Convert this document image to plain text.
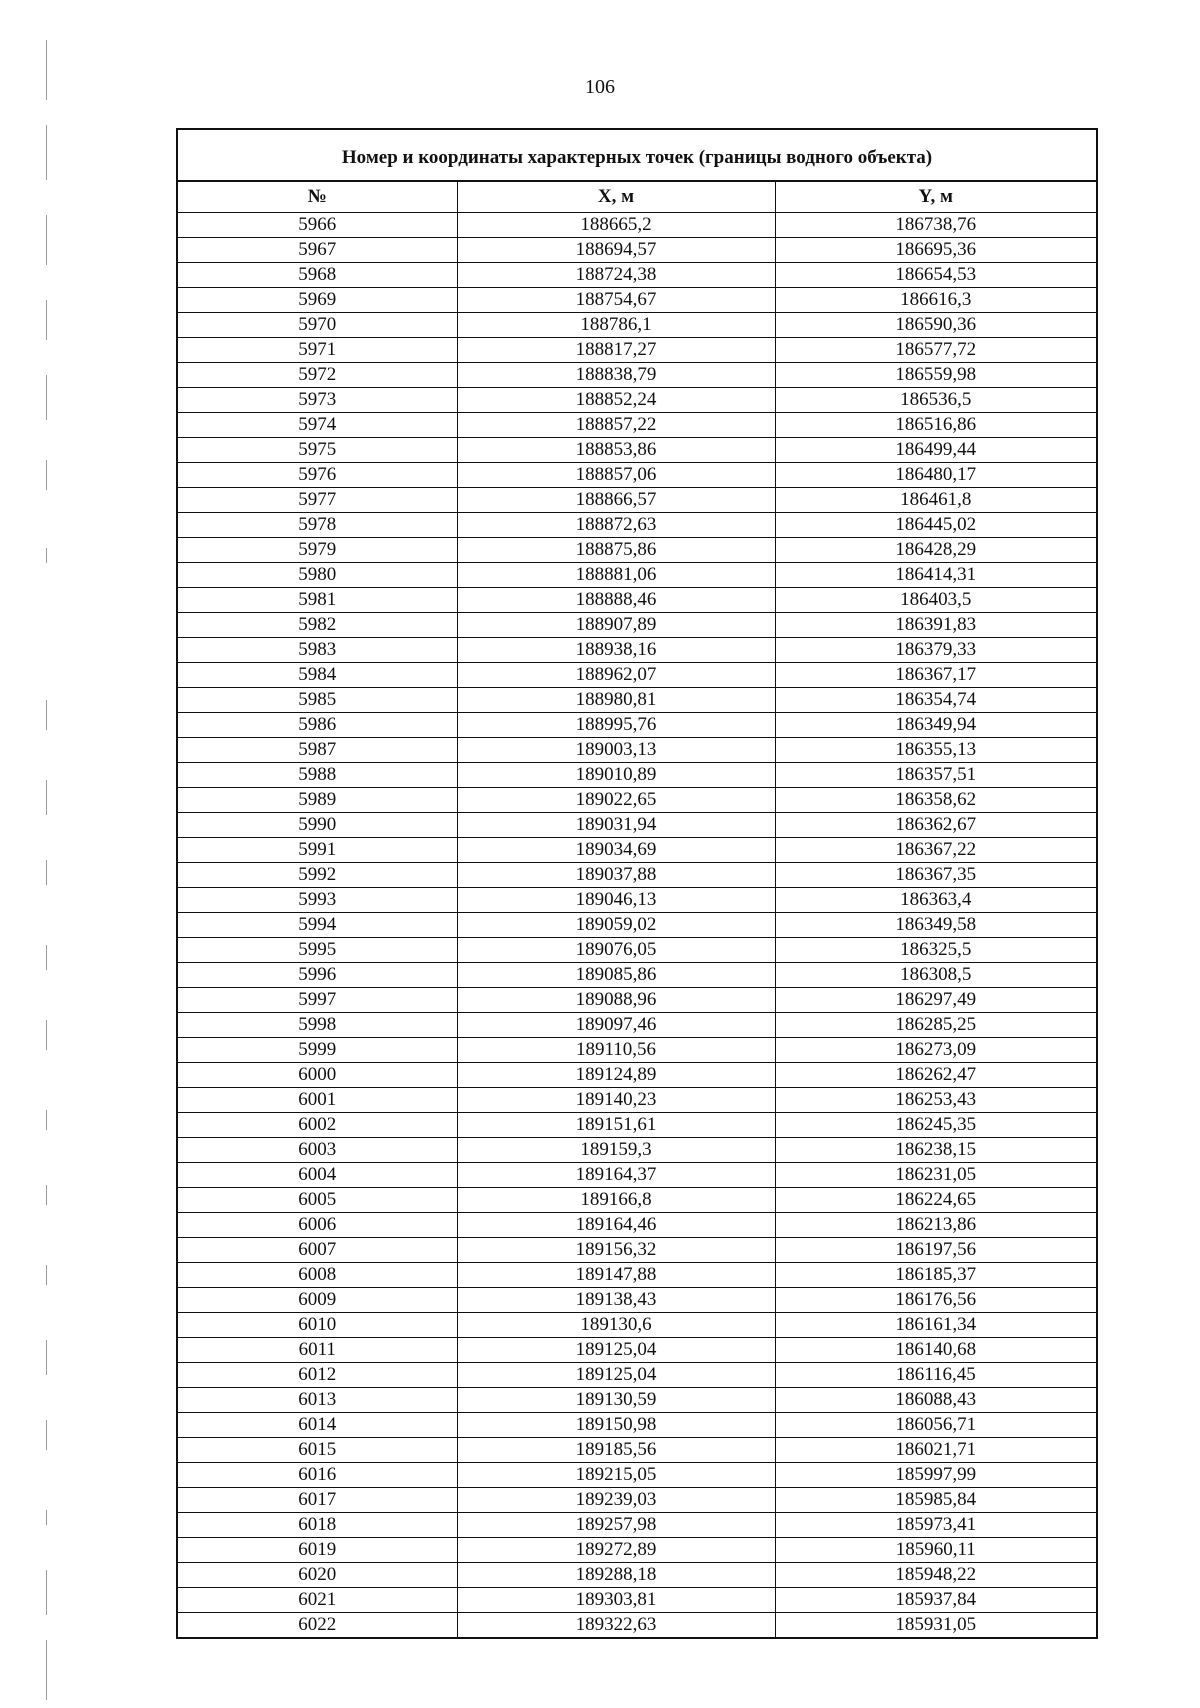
106
Номер и координаты характерных точек (границы водного объекта)
№	X, м	Y, м
5966	188665,2	186738,76
5967	188694,57	186695,36
5968	188724,38	186654,53
5969	188754,67	186616,3
5970	188786,1	186590,36
5971	188817,27	186577,72
5972	188838,79	186559,98
5973	188852,24	186536,5
5974	188857,22	186516,86
5975	188853,86	186499,44
5976	188857,06	186480,17
5977	188866,57	186461,8
5978	188872,63	186445,02
5979	188875,86	186428,29
5980	188881,06	186414,31
5981	188888,46	186403,5
5982	188907,89	186391,83
5983	188938,16	186379,33
5984	188962,07	186367,17
5985	188980,81	186354,74
5986	188995,76	186349,94
5987	189003,13	186355,13
5988	189010,89	186357,51
5989	189022,65	186358,62
5990	189031,94	186362,67
5991	189034,69	186367,22
5992	189037,88	186367,35
5993	189046,13	186363,4
5994	189059,02	186349,58
5995	189076,05	186325,5
5996	189085,86	186308,5
5997	189088,96	186297,49
5998	189097,46	186285,25
5999	189110,56	186273,09
6000	189124,89	186262,47
6001	189140,23	186253,43
6002	189151,61	186245,35
6003	189159,3	186238,15
6004	189164,37	186231,05
6005	189166,8	186224,65
6006	189164,46	186213,86
6007	189156,32	186197,56
6008	189147,88	186185,37
6009	189138,43	186176,56
6010	189130,6	186161,34
6011	189125,04	186140,68
6012	189125,04	186116,45
6013	189130,59	186088,43
6014	189150,98	186056,71
6015	189185,56	186021,71
6016	189215,05	185997,99
6017	189239,03	185985,84
6018	189257,98	185973,41
6019	189272,89	185960,11
6020	189288,18	185948,22
6021	189303,81	185937,84
6022	189322,63	185931,05
